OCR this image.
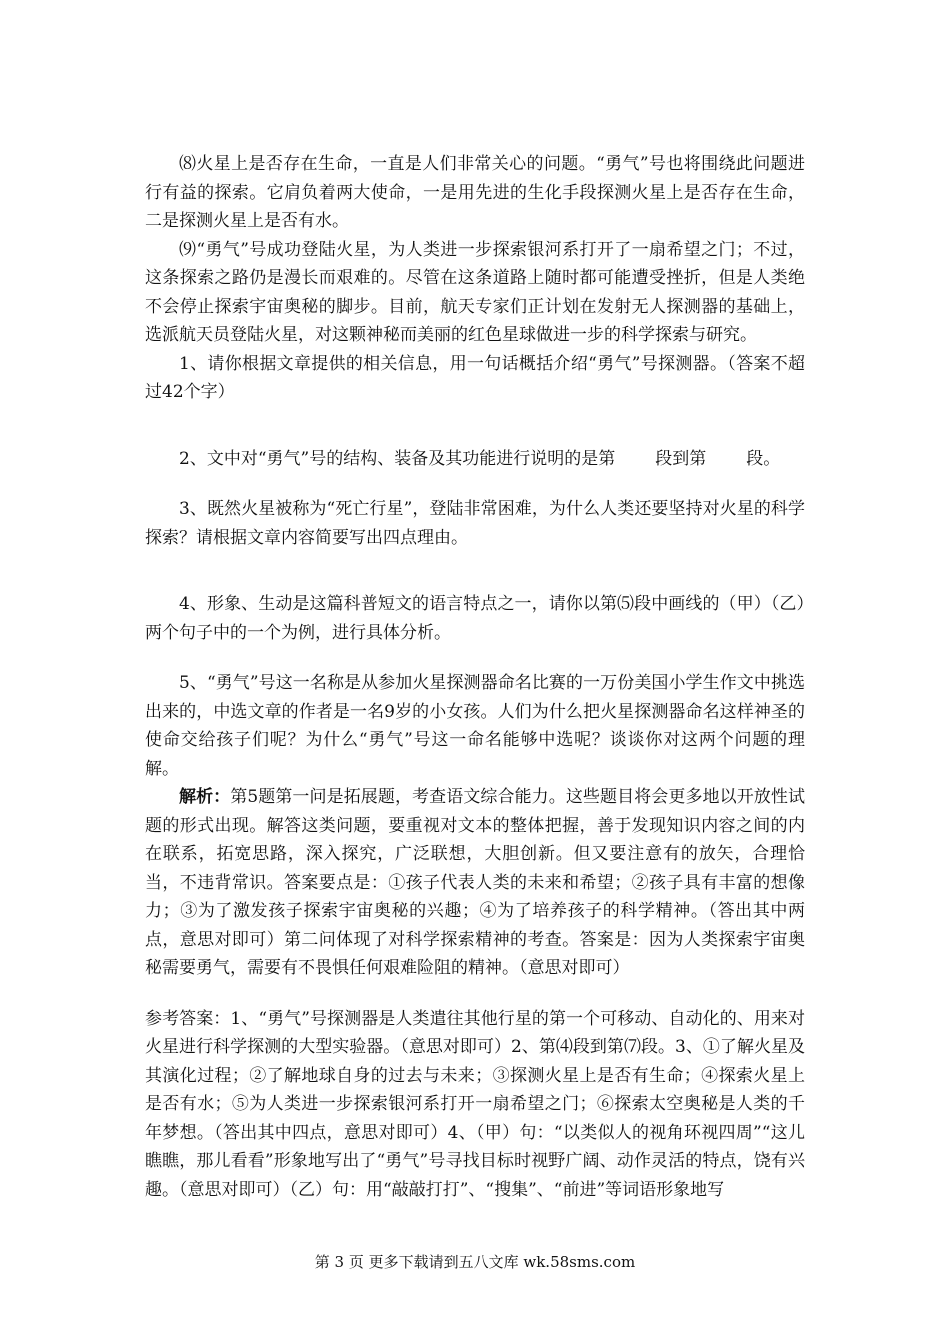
⑻火星上是否存在生命，一直是人们非常关心的问题。“勇气”号也将围绕此问题进行有益的探索。它肩负着两大使命，一是用先进的生化手段探测火星上是否存在生命，二是探测火星上是否有水。

⑼“勇气”号成功登陆火星，为人类进一步探索银河系打开了一扇希望之门；不过，这条探索之路仍是漫长而艰难的。尽管在这条道路上随时都可能遭受挫折，但是人类绝不会停止探索宇宙奥秘的脚步。目前，航天专家们正计划在发射无人探测器的基础上，选派航天员登陆火星，对这颗神秘而美丽的红色星球做进一步的科学探索与研究。

1、请你根据文章提供的相关信息，用一句话概括介绍“勇气”号探测器。（答案不超过42个字）

2、文中对“勇气”号的结构、装备及其功能进行说明的是第 段到第 段。

3、既然火星被称为“死亡行星”，登陆非常困难，为什么人类还要坚持对火星的科学探索？请根据文章内容简要写出四点理由。

4、形象、生动是这篇科普短文的语言特点之一，请你以第⑸段中画线的（甲）（乙）两个句子中的一个为例，进行具体分析。

5、“勇气”号这一名称是从参加火星探测器命名比赛的一万份美国小学生作文中挑选出来的，中选文章的作者是一名9岁的小女孩。人们为什么把火星探测器命名这样神圣的使命交给孩子们呢？为什么“勇气”号这一命名能够中选呢？谈谈你对这两个问题的理解。

解析：第5题第一问是拓展题，考查语文综合能力。这些题目将会更多地以开放性试题的形式出现。解答这类问题，要重视对文本的整体把握，善于发现知识内容之间的内在联系，拓宽思路，深入探究，广泛联想，大胆创新。但又要注意有的放矢，合理恰当，不违背常识。答案要点是：①孩子代表人类的未来和希望；②孩子具有丰富的想像力；③为了激发孩子探索宇宙奥秘的兴趣；④为了培养孩子的科学精神。（答出其中两点，意思对即可）第二问体现了对科学探索精神的考查。答案是：因为人类探索宇宙奥秘需要勇气，需要有不畏惧任何艰难险阻的精神。（意思对即可）

参考答案：1、“勇气”号探测器是人类遣往其他行星的第一个可移动、自动化的、用来对火星进行科学探测的大型实验器。（意思对即可）2、第⑷段到第⑺段。3、①了解火星及其演化过程；②了解地球自身的过去与未来；③探测火星上是否有生命；④探索火星上是否有水；⑤为人类进一步探索银河系打开一扇希望之门；⑥探索太空奥秘是人类的千年梦想。（答出其中四点，意思对即可）4、（甲）句：“以类似人的视角环视四周”“这儿瞧瞧，那儿看看”形象地写出了“勇气”号寻找目标时视野广阔、动作灵活的特点，饶有兴趣。（意思对即可）（乙）句：用“敲敲打打”、“搜集”、“前进”等词语形象地写

第 3 页 更多下载请到五八文库 wk.58sms.com
